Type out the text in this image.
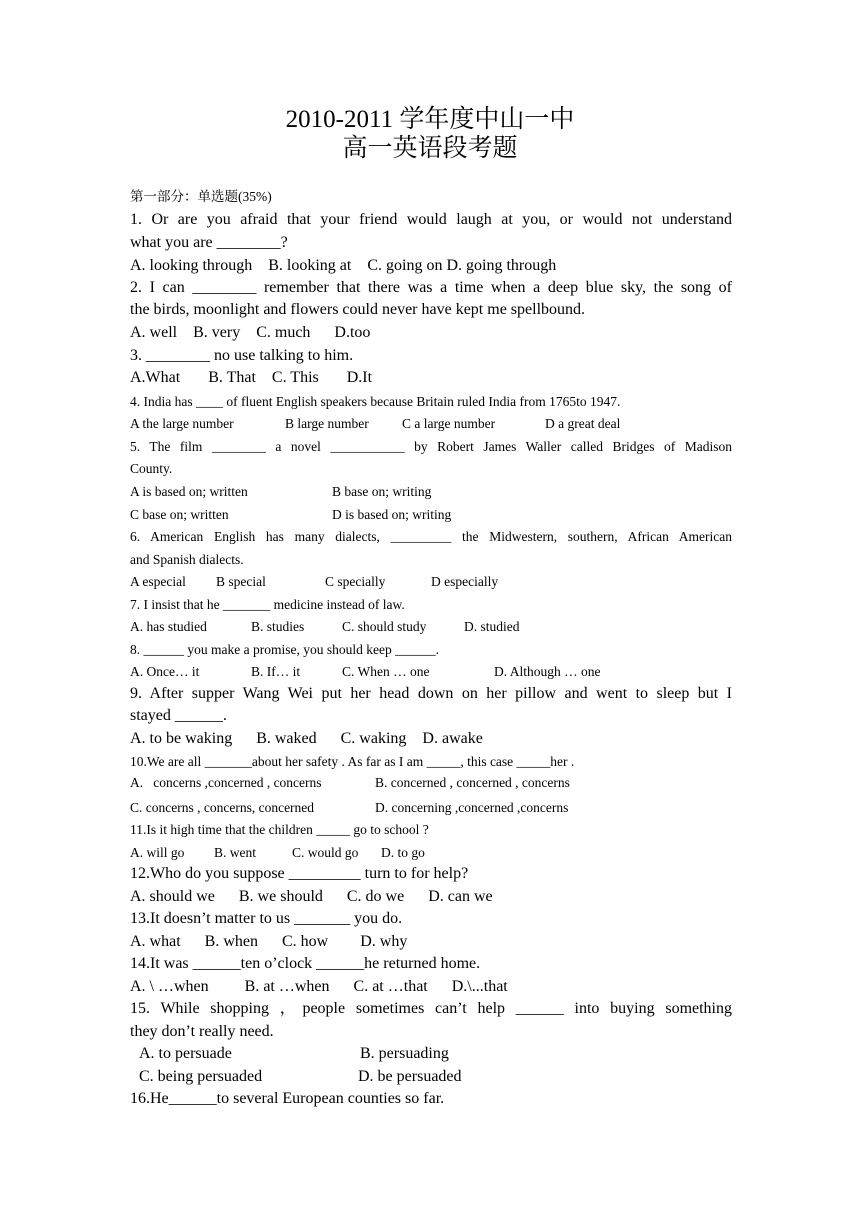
2010-2011 学年度中山一中
高一英语段考题
第一部分：单选题(35%)
1. Or are you afraid that your friend would laugh at you, or would not understand
what you are ________?
A. looking through    B. looking at    C. going on D. going through
2. I can ________ remember that there was a time when a deep blue sky, the song of
the birds, moonlight and flowers could never have kept me spellbound.
A. well    B. very    C. much      D.too
3. ________ no use talking to him.
A.What       B. That    C. This       D.It
4. India has ____ of fluent English speakers because Britain ruled India from 1765to 1947.
A the large number	B large number C a large number	D a great deal
5. The film ________ a novel ___________ by Robert James Waller called Bridges of Madison
County.
A is based on; written	B base on; writing
C base on; written	D is based on; writing
6. American English has many dialects, _________ the Midwestern, southern, African American
and Spanish dialects.
A especial B special	C specially	D especially
7. I insist that he _______ medicine instead of law.
A. has studied	B. studies	C. should study	D. studied
8. ______ you make a promise, you should keep ______.
A. Once… it	B. If… it	C. When … one	D. Although … one
9. After supper Wang Wei put her head down on her pillow and went to sleep but I
stayed ______.
A. to be waking      B. waked      C. waking    D. awake
10.We are all _______about her safety . As far as I am _____, this case _____her .
A.   concerns ,concerned , concerns	B. concerned , concerned , concerns
C. concerns , concerns, concerned	D. concerning ,concerned ,concerns
11.Is it high time that the children _____ go to school ?
A. will go B. went	C. would go D. to go
12.Who do you suppose _________ turn to for help?
A. should we      B. we should      C. do we      D. can we
13.It doesn’t matter to us _______ you do.
A. what      B. when      C. how        D. why
14.It was ______ten o’clock ______he returned home.
A. \ …when         B. at …when      C. at …that      D.\...that
15. While shopping ，people sometimes can’t help ______ into buying something
they don’t really need.
A. to persuade	B. persuading
C. being persuaded	D. be persuaded
16.He______to several European counties so far.
